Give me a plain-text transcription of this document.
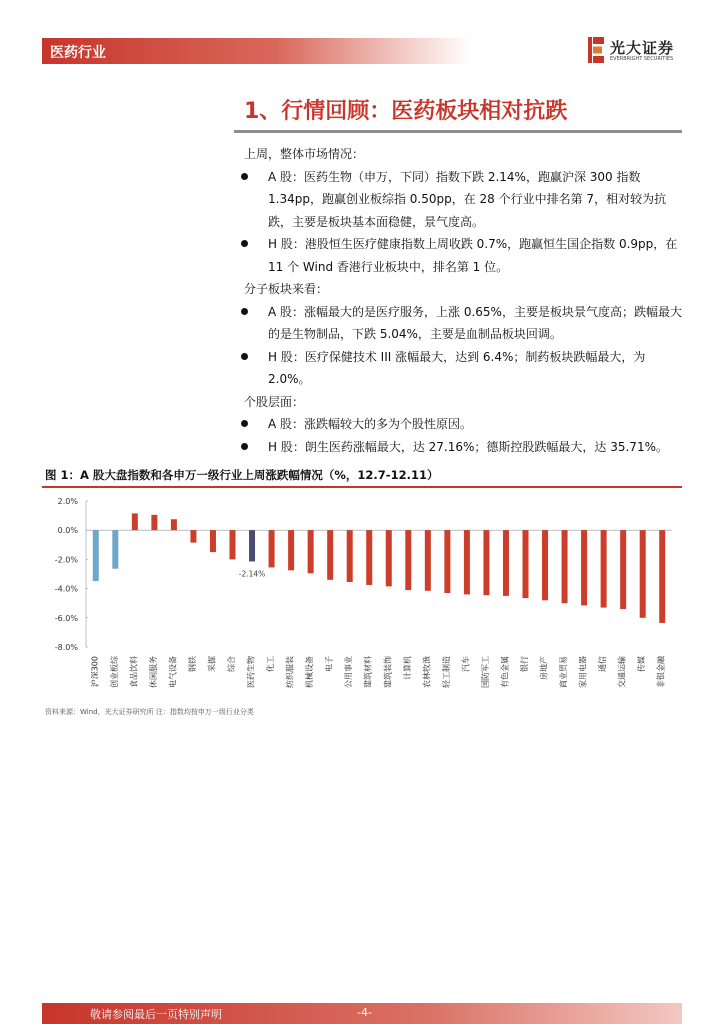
医药行业	光大证券
EVERBRIGHT SECURITIES
1、行情回顾：医药板块相对抗跌

上周，整体市场情况：

A 股：医药生物（申万，下同）指数下跌 2.14%，跑赢沪深 300 指数 1.34pp，跑赢创业板综指 0.50pp，在 28 个行业中排名第 7，相对较为抗跌，主要是板块基本面稳健，景气度高。

H 股：港股恒生医疗健康指数上周收跌 0.7%，跑赢恒生国企指数 0.9pp，在 11 个 Wind 香港行业板块中，排名第 1 位。

分子板块来看：

A 股：涨幅最大的是医疗服务，上涨 0.65%，主要是板块景气度高；跌幅最大的是生物制品，下跌 5.04%，主要是血制品板块回调。

H 股：医疗保健技术 III 涨幅最大，达到 6.4%；制药板块跌幅最大，为 2.0%。

个股层面：

A 股：涨跌幅较大的多为个股性原因。

H 股：朗生医药涨幅最大，达 27.16%；德斯控股跌幅最大，达 35.71%。

图 1：A 股大盘指数和各申万一级行业上周涨跌幅情况（%，12.7-12.11）
2.0%
0.0%
-2.0%
-4.0%
-6.0%
-8.0%
沪深300 创业板综 食品饮料 休闲服务 电气设备 钢铁 采掘 综合 医药生物 化工 纺织服装 机械设备 电子 公用事业 建筑材料 建筑装饰 计算机 农林牧渔 轻工制造 汽车 国防军工 有色金属 银行 房地产 商业贸易 家用电器 通信 交通运输 传媒 非银金融
-2.14%
资料来源：Wind，光大证券研究所 注：指数均按申万一级行业分类
敬请参阅最后一页特别声明	-4-
